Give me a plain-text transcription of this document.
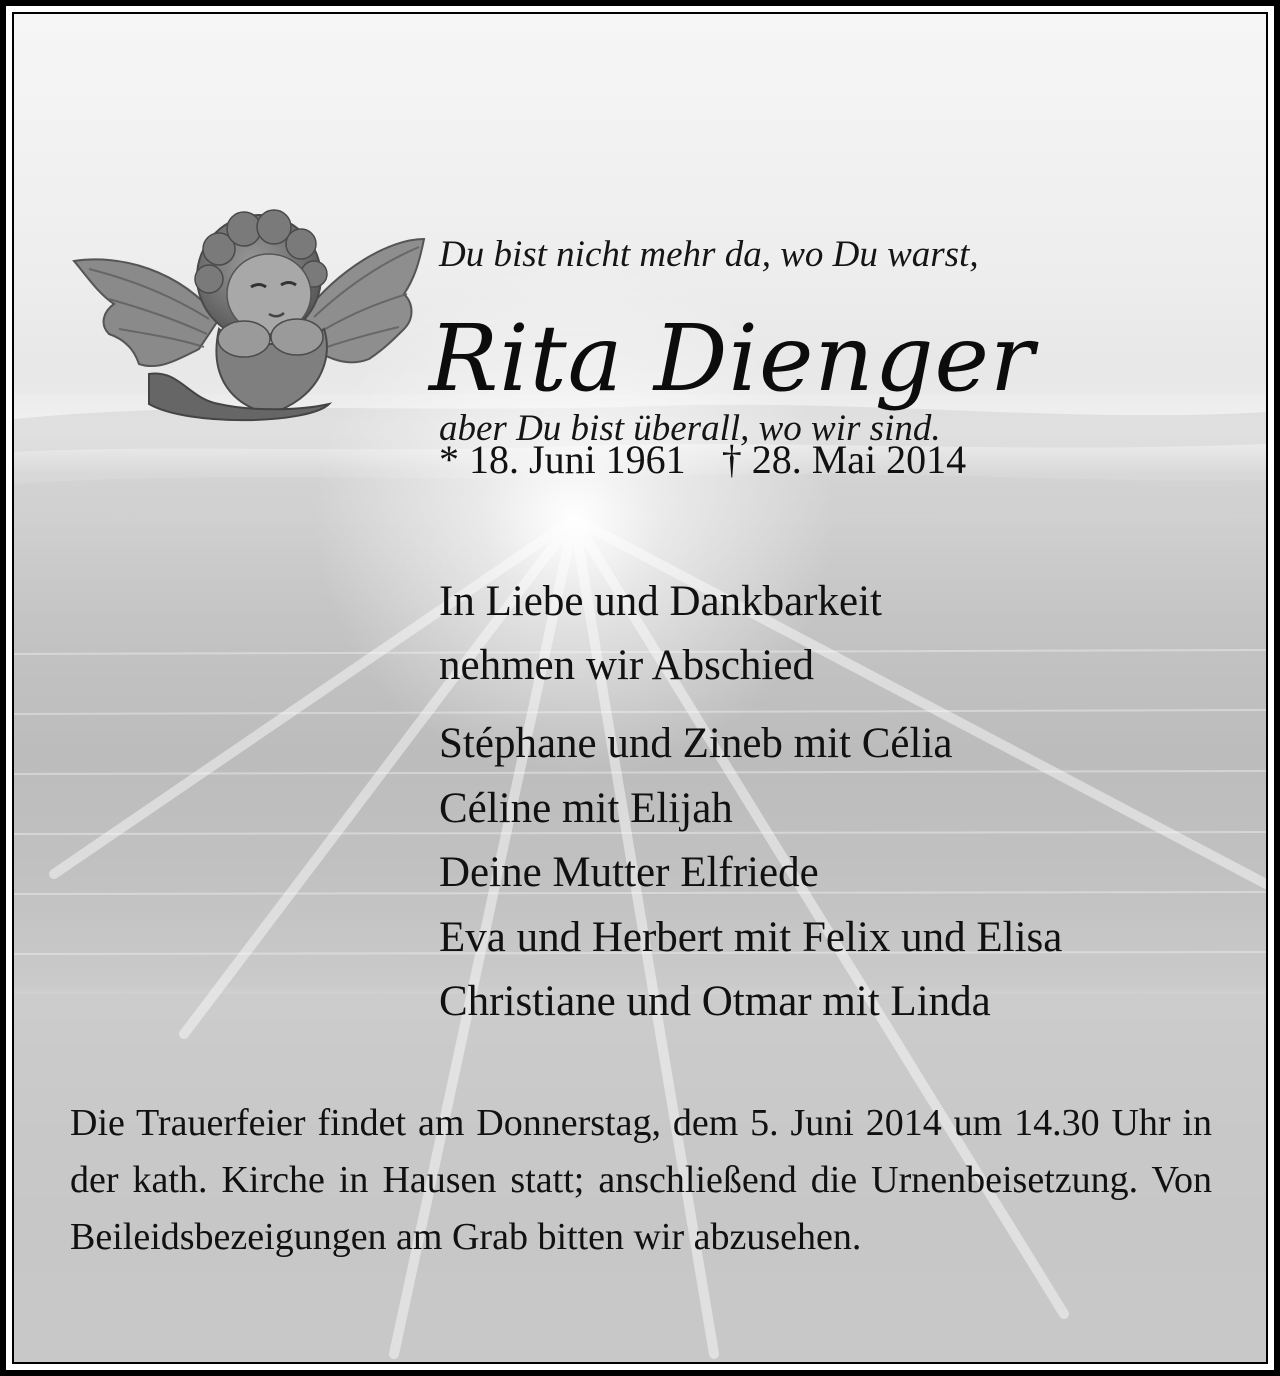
Du bist nicht mehr da, wo Du warst,

aber Du bist überall, wo wir sind.

Rita Dienger
* 18. Juni 1961 † 28. Mai 2014
In Liebe und Dankbarkeit
nehmen wir Abschied
Stéphane und Zineb mit Célia
Céline mit Elijah
Deine Mutter Elfriede
Eva und Herbert mit Felix und Elisa
Christiane und Otmar mit Linda
Die Trauerfeier findet am Donnerstag, dem 5. Juni 2014 um 14.30 Uhr in der kath. Kirche in Hausen statt; anschließend die Urnenbeisetzung. Von Beileidsbezeigungen am Grab bitten wir abzusehen.
